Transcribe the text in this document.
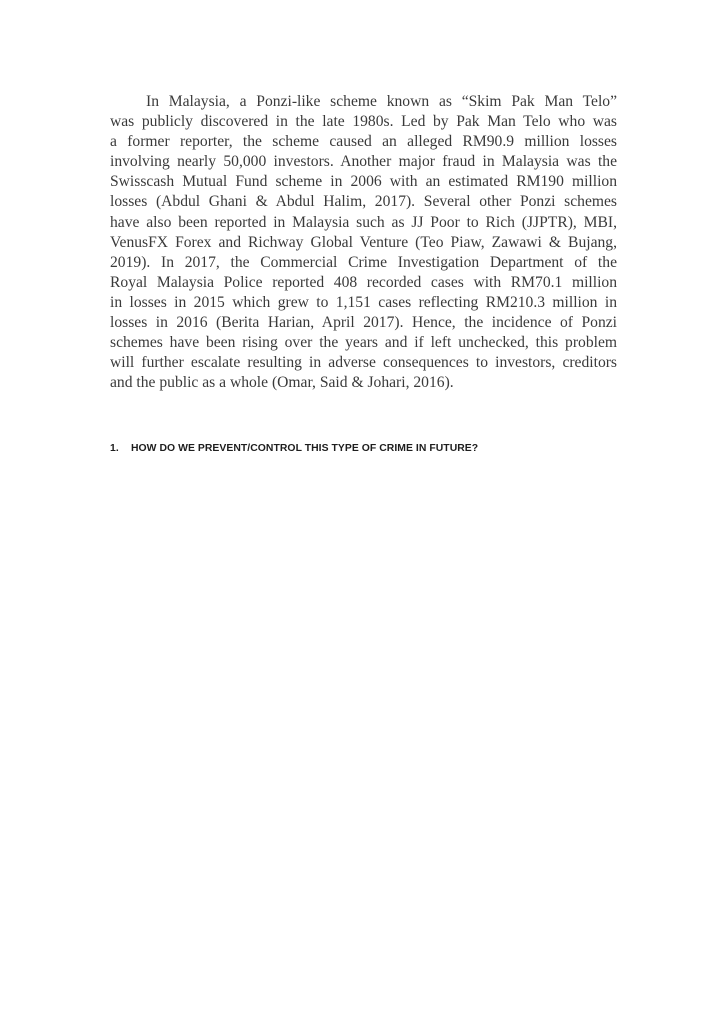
In Malaysia, a Ponzi-like scheme known as “Skim Pak Man Telo”
was publicly discovered in the late 1980s. Led by Pak Man Telo who was
a former reporter, the scheme caused an alleged RM90.9 million losses
involving nearly 50,000 investors. Another major fraud in Malaysia was the
Swisscash Mutual Fund scheme in 2006 with an estimated RM190 million
losses (Abdul Ghani & Abdul Halim, 2017). Several other Ponzi schemes
have also been reported in Malaysia such as JJ Poor to Rich (JJPTR), MBI,
VenusFX Forex and Richway Global Venture (Teo Piaw, Zawawi & Bujang,
2019). In 2017, the Commercial Crime Investigation Department of the
Royal Malaysia Police reported 408 recorded cases with RM70.1 million
in losses in 2015 which grew to 1,151 cases reflecting RM210.3 million in
losses in 2016 (Berita Harian, April 2017). Hence, the incidence of Ponzi
schemes have been rising over the years and if left unchecked, this problem
will further escalate resulting in adverse consequences to investors, creditors
and the public as a whole (Omar, Said & Johari, 2016).

1. HOW DO WE PREVENT/CONTROL THIS TYPE OF CRIME IN FUTURE?
